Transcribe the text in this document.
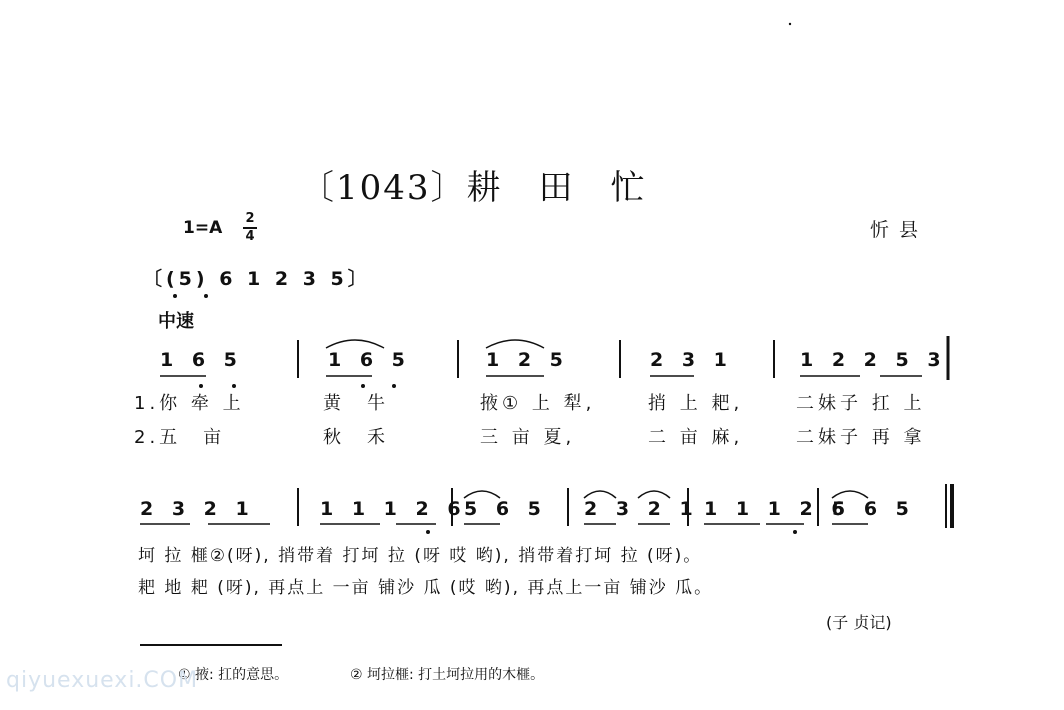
〔1043〕耕　田　忙
1=A 2
4	忻县
〔(5) 6 1 2 3 5〕
中速
1 6 5	1 6 5	1 2 5	2 3 1	1 2 2 5 3
1.你 牵 上	黄　牛	掖① 上 犁,	捎 上 耙,	二妹子 扛 上
2.五　亩	秋　禾	三 亩 夏,	二 亩 麻,	二妹子 再 拿
2 3 2 1	1 1 1 2 6
5 6 5 2 3 2 1 1 1 1 2 6
5 6 5
坷 拉 榧②(呀), 捎带着 打坷 拉 (呀 哎 哟), 捎带着打坷 拉 (呀)。
耙 地 耙 (呀), 再点上 一亩 铺沙 瓜 (哎 哟), 再点上一亩 铺沙 瓜。
(子 贞记)
① 掖: 扛的意思。	② 坷拉榧: 打土坷拉用的木榧。
qiyuexuexi.COM
